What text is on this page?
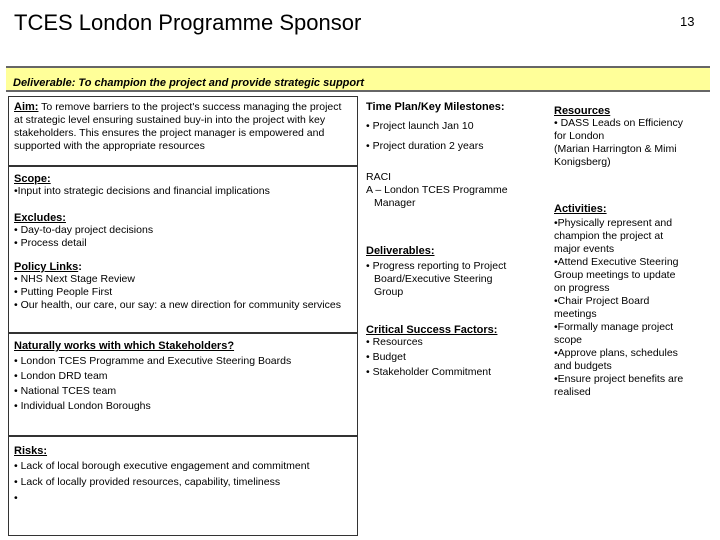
TCES London Programme Sponsor	13
Deliverable: To champion the project and provide strategic support
Aim: To remove barriers to the project's success managing the project at strategic level ensuring sustained buy-in into the project with key stakeholders. This ensures the project manager is empowered and supported with the appropriate resources
Scope:
•Input into strategic decisions and financial implications
Excludes:
• Day-to-day project decisions
• Process detail
Policy Links:
• NHS Next Stage Review
• Putting People First
• Our health, our care, our say: a new direction for community services
Naturally works with which Stakeholders?
• London TCES Programme and Executive Steering Boards
• London DRD team
• National TCES team
• Individual London Boroughs
Risks:
• Lack of local borough executive engagement and commitment
• Lack of locally provided resources, capability, timeliness
•
Time Plan/Key Milestones:
• Project launch Jan 10
• Project duration 2 years
RACI
A – London TCES Programme
Manager
Deliverables:
• Progress reporting to Project
Board/Executive Steering
Group
Critical Success Factors:
• Resources
• Budget
• Stakeholder Commitment
Resources
• DASS Leads on Efficiency
for London
(Marian Harrington & Mimi
Konigsberg)
Activities:
•Physically represent and
champion the project at
major events
•Attend Executive Steering
Group meetings to update
on progress
•Chair Project Board
meetings
•Formally manage project
scope
•Approve plans, schedules
and budgets
•Ensure project benefits are
realised
